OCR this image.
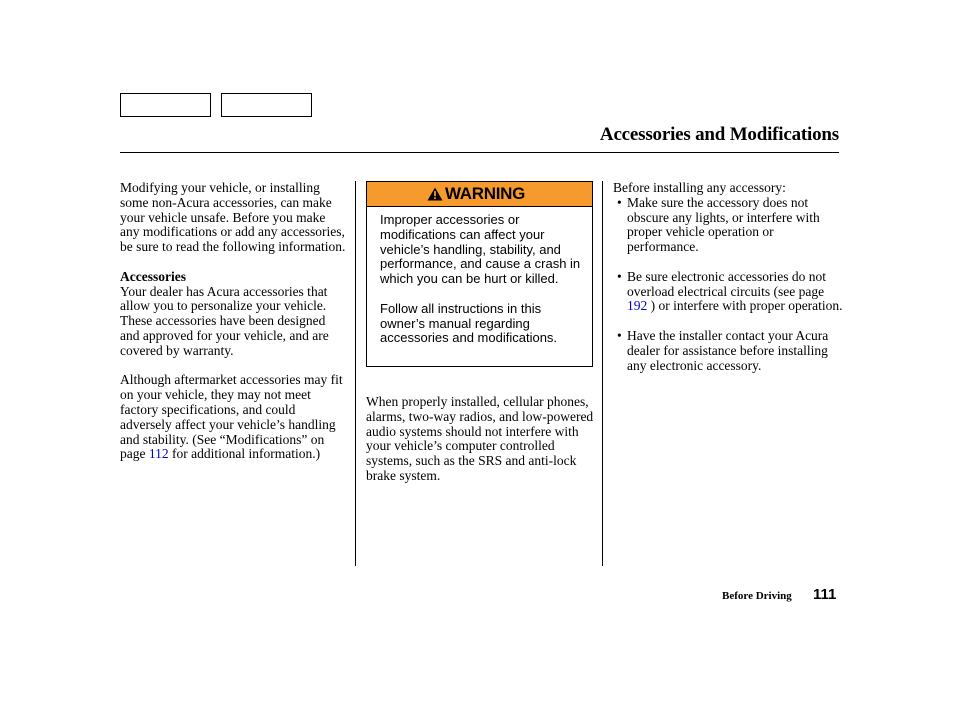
Accessories and Modifications

Modifying your vehicle, or installing some non-Acura accessories, can make your vehicle unsafe. Before you make any modifications or add any accessories, be sure to read the following information.

Accessories

Your dealer has Acura accessories that allow you to personalize your vehicle. These accessories have been designed and approved for your vehicle, and are covered by warranty.

Although aftermarket accessories may fit on your vehicle, they may not meet factory specifications, and could adversely affect your vehicle’s handling and stability. (See “Modifications” on page 112 for additional information.)

WARNING

Improper accessories or modifications can affect your vehicle’s handling, stability, and performance, and cause a crash in which you can be hurt or killed.

Follow all instructions in this owner’s manual regarding accessories and modifications.

When properly installed, cellular phones, alarms, two-way radios, and low-powered audio systems should not interfere with your vehicle’s computer controlled systems, such as the SRS and anti-lock brake system.

Before installing any accessory:

• Make sure the accessory does not obscure any lights, or interfere with proper vehicle operation or performance.
• Be sure electronic accessories do not overload electrical circuits (see page 192 ) or interfere with proper operation.
• Have the installer contact your Acura dealer for assistance before installing any electronic accessory.
Before Driving 111
